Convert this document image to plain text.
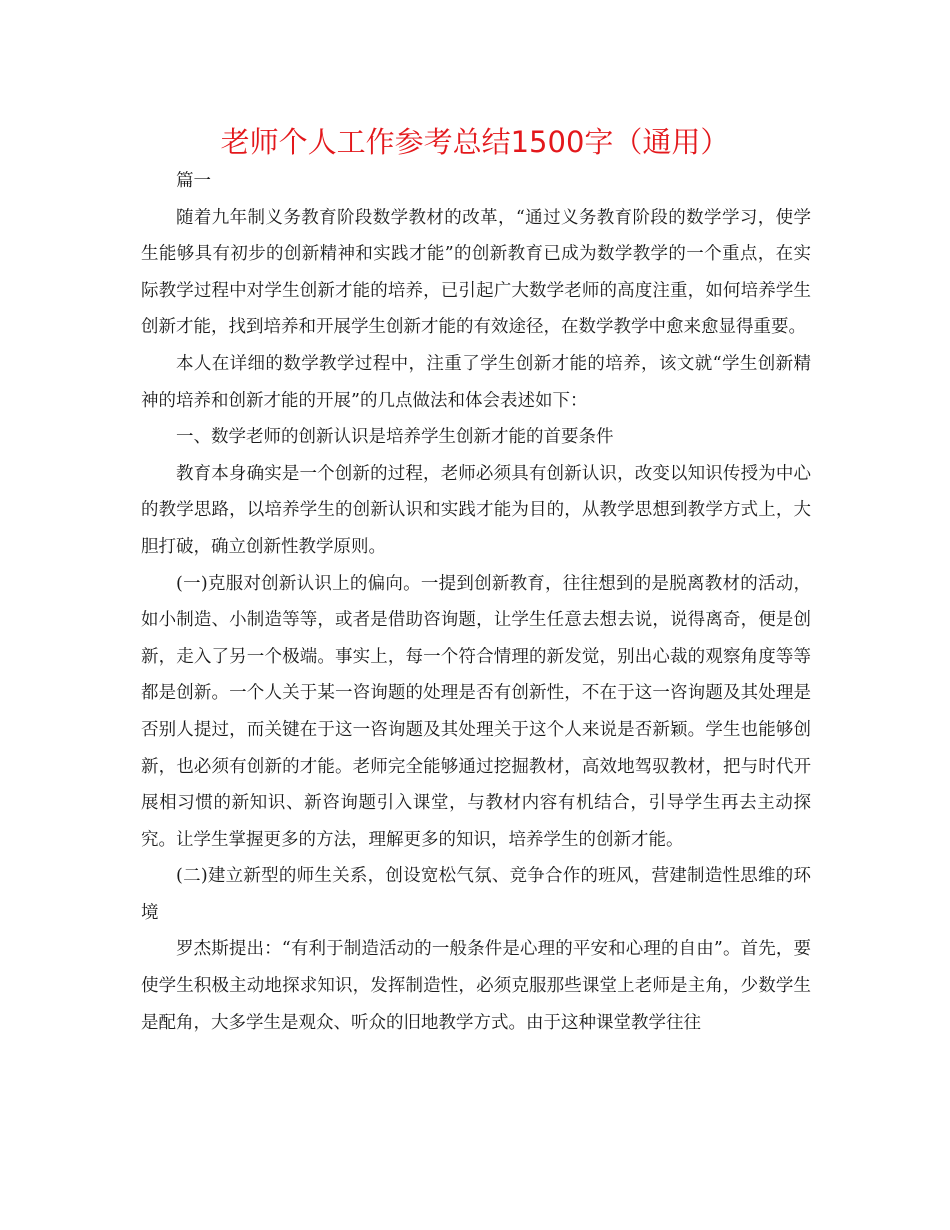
老师个人工作参考总结1500字（通用）

篇一

随着九年制义务教育阶段数学教材的改革，“通过义务教育阶段的数学学习，使学生能够具有初步的创新精神和实践才能”的创新教育已成为数学教学的一个重点，在实际教学过程中对学生创新才能的培养，已引起广大数学老师的高度注重，如何培养学生创新才能，找到培养和开展学生创新才能的有效途径，在数学教学中愈来愈显得重要。

本人在详细的数学教学过程中，注重了学生创新才能的培养，该文就“学生创新精神的培养和创新才能的开展”的几点做法和体会表述如下：

一、数学老师的创新认识是培养学生创新才能的首要条件

教育本身确实是一个创新的过程，老师必须具有创新认识，改变以知识传授为中心的教学思路，以培养学生的创新认识和实践才能为目的，从教学思想到教学方式上，大胆打破，确立创新性教学原则。

(一)克服对创新认识上的偏向。一提到创新教育，往往想到的是脱离教材的活动，如小制造、小制造等等，或者是借助咨询题，让学生任意去想去说，说得离奇，便是创新，走入了另一个极端。事实上，每一个符合情理的新发觉，别出心裁的观察角度等等都是创新。一个人关于某一咨询题的处理是否有创新性，不在于这一咨询题及其处理是否别人提过，而关键在于这一咨询题及其处理关于这个人来说是否新颖。学生也能够创新，也必须有创新的才能。老师完全能够通过挖掘教材，高效地驾驭教材，把与时代开展相习惯的新知识、新咨询题引入课堂，与教材内容有机结合，引导学生再去主动探究。让学生掌握更多的方法，理解更多的知识，培养学生的创新才能。

(二)建立新型的师生关系，创设宽松气氛、竞争合作的班风，营建制造性思维的环境

罗杰斯提出：“有利于制造活动的一般条件是心理的平安和心理的自由”。首先，要使学生积极主动地探求知识，发挥制造性，必须克服那些课堂上老师是主角，少数学生是配角，大多学生是观众、听众的旧地教学方式。由于这种课堂教学往往
